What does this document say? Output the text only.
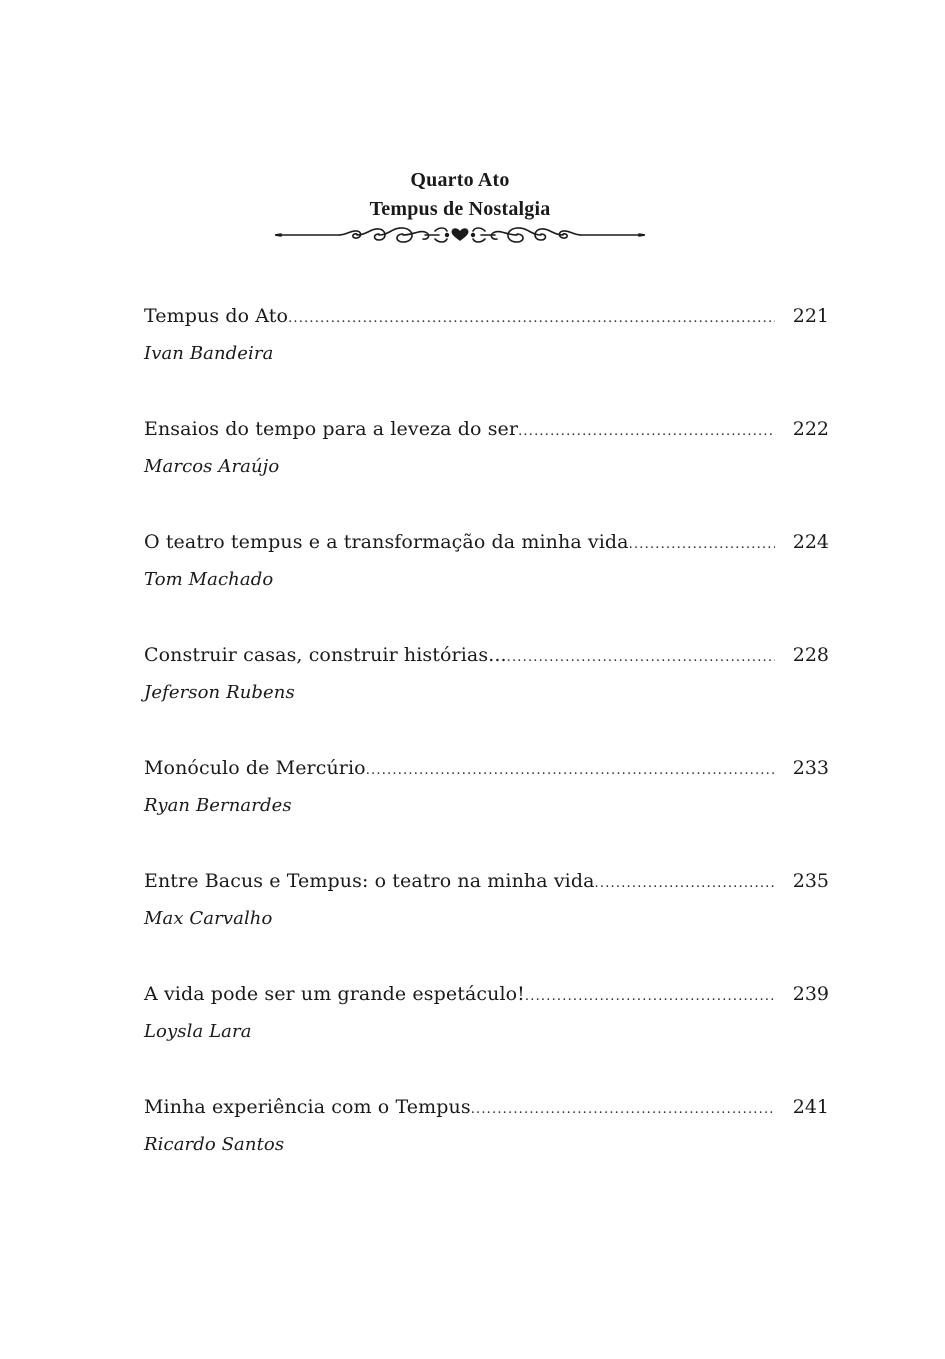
Quarto Ato
Tempus de Nostalgia
Tempus do Ato .....	221
Ivan Bandeira
Ensaios do tempo para a leveza do ser .....	222
Marcos Araújo
O teatro tempus e a transformação da minha vida .....	224
Tom Machado
Construir casas, construir histórias... .....	228
Jeferson Rubens
Monóculo de Mercúrio .....	233
Ryan Bernardes
Entre Bacus e Tempus: o teatro na minha vida .....	235
Max Carvalho
A vida pode ser um grande espetáculo! .....	239
Loysla Lara
Minha experiência com o Tempus .....	241
Ricardo Santos
